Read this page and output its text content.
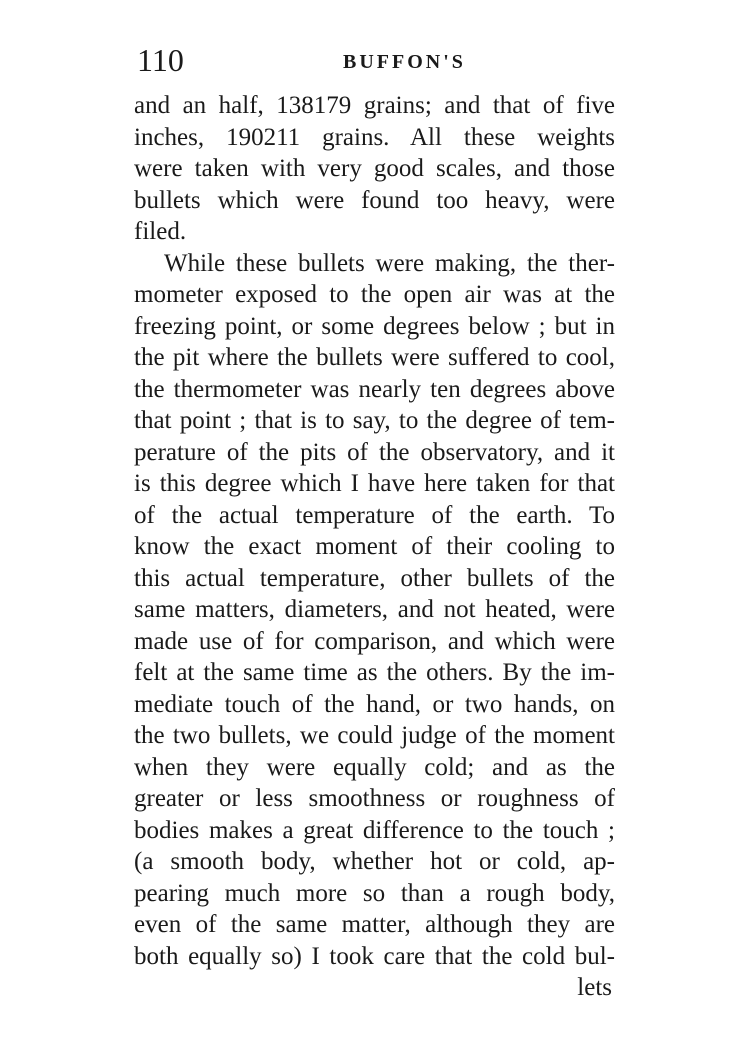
110	BUFFON'S
and an half, 138179 grains; and that of five
inches, 190211 grains. All these weights
were taken with very good scales, and those
bullets which were found too heavy, were
filed.
While these bullets were making, the ther-
mometer exposed to the open air was at the
freezing point, or some degrees below ; but in
the pit where the bullets were suffered to cool,
the thermometer was nearly ten degrees above
that point ; that is to say, to the degree of tem-
perature of the pits of the observatory, and it
is this degree which I have here taken for that
of the actual temperature of the earth. To
know the exact moment of their cooling to
this actual temperature, other bullets of the
same matters, diameters, and not heated, were
made use of for comparison, and which were
felt at the same time as the others. By the im-
mediate touch of the hand, or two hands, on
the two bullets, we could judge of the moment
when they were equally cold; and as the
greater or less smoothness or roughness of
bodies makes a great difference to the touch ;
(a smooth body, whether hot or cold, ap-
pearing much more so than a rough body,
even of the same matter, although they are
both equally so) I took care that the cold bul-
lets
